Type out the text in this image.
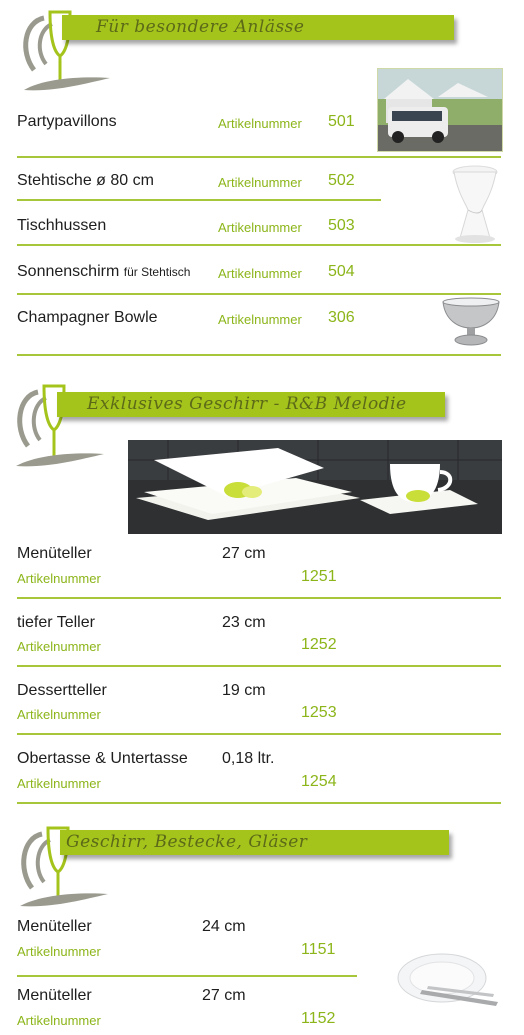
Für besondere Anlässe
Partypavillons	Artikelnummer 501
Stehtische ø 80 cm	Artikelnummer 502
Tischhussen	Artikelnummer 503
Sonnenschirm für Stehtisch Artikelnummer 504
Champagner Bowle	Artikelnummer 306
Exklusives Geschirr - R&B Melodie
Menüteller	27 cm
Artikelnummer	1251
tiefer Teller	23 cm
Artikelnummer	1252
Dessertteller	19 cm
Artikelnummer	1253
Obertasse & Untertasse 0,18 ltr.
Artikelnummer	1254
Geschirr, Bestecke, Gläser
Menüteller	24 cm
Artikelnummer	1151
Menüteller	27 cm
Artikelnummer	1152
